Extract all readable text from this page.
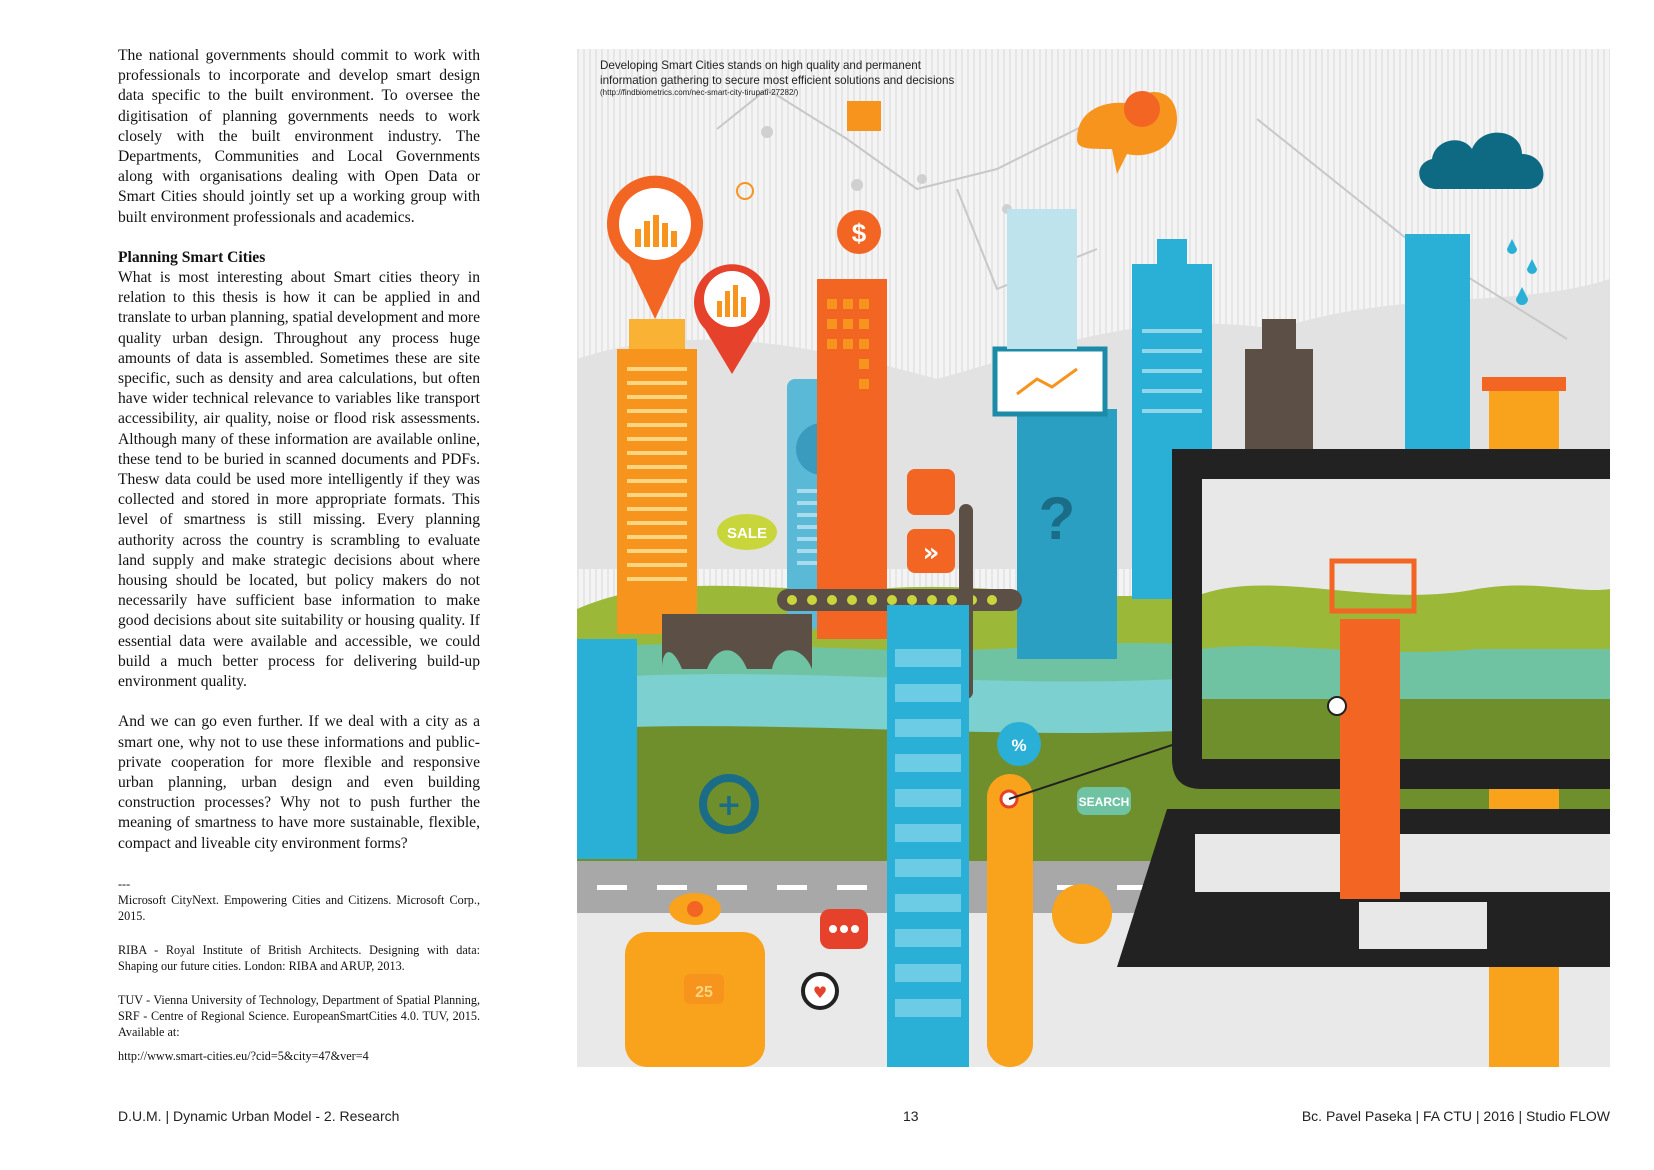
The national governments should commit to work with professionals to incorporate and develop smart design data specific to the built environment. To oversee the digitisation of planning governments needs to work closely with the built environment industry. The Departments, Communities and Local Governments along with organisations dealing with Open Data or Smart Cities should jointly set up a working group with built environment professionals and academics.

Planning Smart Cities

What is most interesting about Smart cities theory in relation to this thesis is how it can be applied in and translate to urban planning, spatial development and more quality urban design. Throughout any process huge amounts of data is assembled. Sometimes these are site specific, such as density and area calculations, but often have wider technical relevance to variables like transport accessibility, air quality, noise or flood risk assessments. Although many of these information are available online, these tend to be buried in scanned documents and PDFs. Thesw data could be used more intelligently if they was collected and stored in more appropriate formats. This level of smartness is still missing. Every planning authority across the country is scrambling to evaluate land supply and make strategic decisions about where housing should be located, but policy makers do not necessarily have sufficient base information to make good decisions about site suitability or housing quality. If essential data were available and accessible, we could build a much better process for delivering build-up environment quality.

And we can go even further. If we deal with a city as a smart one, why not to use these informations and public-private cooperation for more flexible and responsive urban planning, urban design and even building construction processes? Why not to push further the meaning of smartness to have more sustainable, flexible, compact and liveable city environment forms?

---

Microsoft CityNext. Empowering Cities and Citizens. Microsoft Corp., 2015.

RIBA - Royal Institute of British Architects. Designing with data: Shaping our future cities. London: RIBA and ARUP, 2013.

TUV - Vienna University of Technology, Department of Spatial Planning, SRF - Centre of Regional Science. EuropeanSmartCities 4.0. TUV, 2015. Available at:

http://www.smart-cities.eu/?cid=5&city=47&ver=4

$
SALE
»
?
+
%
SEARCH
25	♥
Developing Smart Cities stands on high quality and permanent
information gathering to secure most efficient solutions and decisions
(http://findbiometrics.com/nec-smart-city-tirupati-27282/)
D.U.M. | Dynamic Urban Model - 2. Research	13	Bc. Pavel Paseka | FA CTU | 2016 | Studio FLOW
